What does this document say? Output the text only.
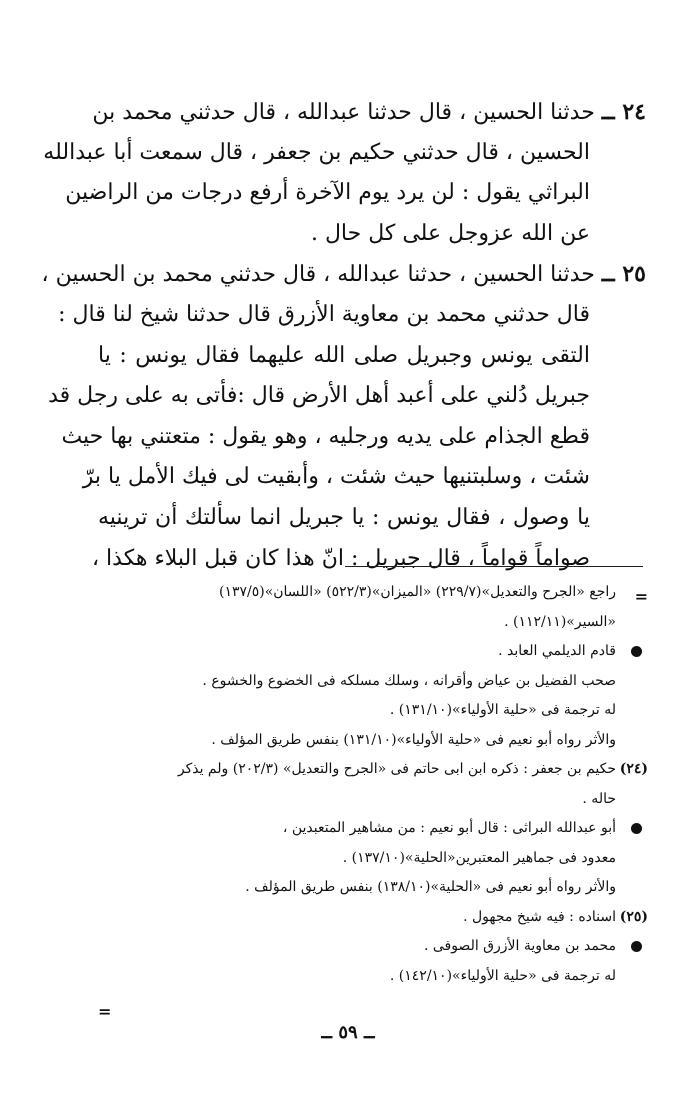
٢٤ ــ حدثنا الحسين ، قال حدثنا عبدالله ، قال حدثني محمد بن
الحسين ، قال حدثني حكيم بن جعفر ، قال سمعت أبا عبدالله
البراثي يقول : لن يرد يوم الآخرة أرفع درجات من الراضين
عن الله عزوجل على كل حال .
٢٥ ــ حدثنا الحسين ، حدثنا عبدالله ، قال حدثني محمد بن الحسين ،
قال حدثني محمد بن معاوية الأزرق قال حدثنا شيخ لنا قال :
التقى يونس وجبريل صلى الله عليهما فقال يونس : يا
جبريل دُلني على أعبد أهل الأرض قال :فأتى به على رجل قد
قطع الجذام على يديه ورجليه ، وهو يقول : متعتني بها حيث
شئت ، وسلبتنيها حيث شئت ، وأبقيت لى فيك الأمل يا برّ
يا وصول ، فقال يونس : يا جبريل انما سألتك أن ترينيه
صواماً قواماً ، قال جبريل : انّ هذا كان قبل البلاء هكذا ،
=
راجع «الجرح والتعديل»(٢٢٩/٧) «الميزان»(٥٢٢/٣) «اللسان»(١٣٧/٥)
«السير»(١١٢/١١) .
قادم الديلمي العابد .
صحب الفضيل بن عياض وأقرانه ، وسلك مسلكه فى الخضوع والخشوع .
له ترجمة فى «حلية الأولياء»(١٣١/١٠) .
والأثر رواه أبو نعيم فى «حلية الأولياء»(١٣١/١٠) بنفس طريق المؤلف .
(٢٤)
حكيم بن جعفر : ذكره ابن ابى حاتم فى «الجرح والتعديل» (٢٠٢/٣) ولم يذكر
حاله .
أبو عبدالله البراثى : قال أبو نعيم : من مشاهير المتعبدين ،
معدود فى جماهير المعتبرين«الحلية»(١٣٧/١٠) .
والأثر رواه أبو نعيم فى «الحلية»(١٣٨/١٠) بنفس طريق المؤلف .
(٢٥)
اسناده : فيه شيخ مجهول .
محمد بن معاوية الأزرق الصوفى .
له ترجمة فى «حلية الأولياء»(١٤٢/١٠) .
=
ــ ٥٩ ــ
